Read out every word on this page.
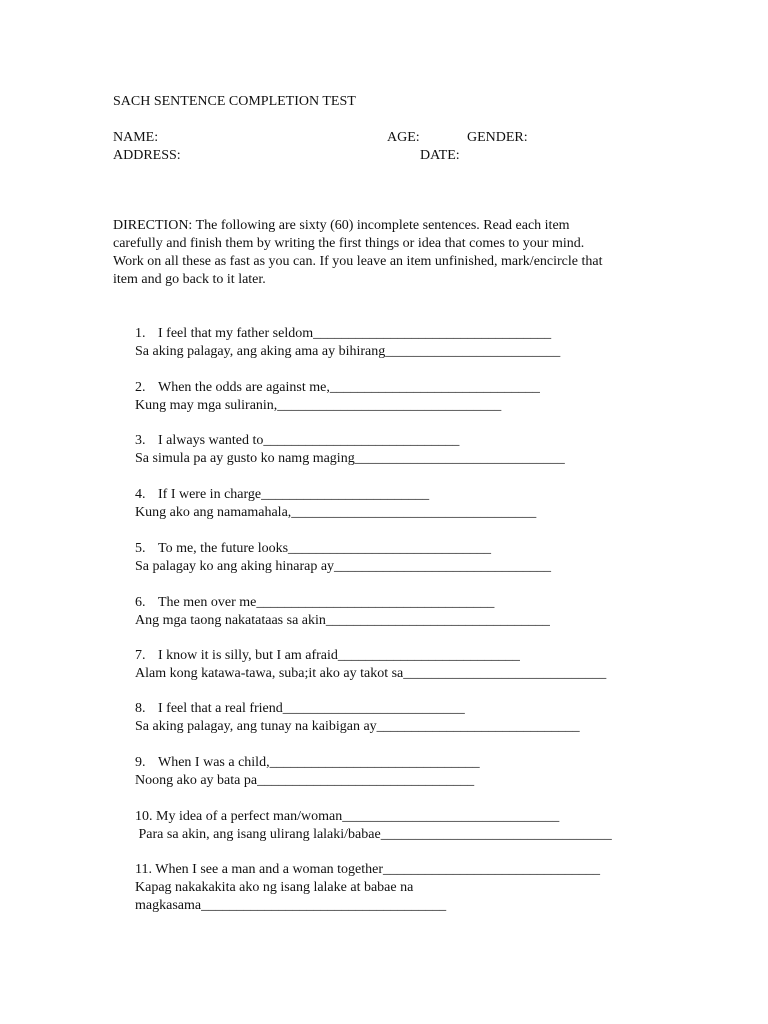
SACH SENTENCE COMPLETION TEST
NAME:	AGE:	GENDER:
ADDRESS:	DATE:
DIRECTION: The following are sixty (60) incomplete sentences. Read each item
carefully and finish them by writing the first things or idea that comes to your mind.
Work on all these as fast as you can. If you leave an item unfinished, mark/encircle that
item and go back to it later.
1. I feel that my father seldom__________________________________
Sa aking palagay, ang aking ama ay bihirang_________________________
2. When the odds are against me,______________________________
Kung may mga suliranin,________________________________
3. I always wanted to____________________________
Sa simula pa ay gusto ko namg maging______________________________
4. If I were in charge________________________
Kung ako ang namamahala,___________________________________
5. To me, the future looks_____________________________
Sa palagay ko ang aking hinarap ay_______________________________
6. The men over me__________________________________
Ang mga taong nakatataas sa akin________________________________
7. I know it is silly, but I am afraid__________________________
Alam kong katawa-tawa, suba;it ako ay takot sa_____________________________
8. I feel that a real friend__________________________
Sa aking palagay, ang tunay na kaibigan ay_____________________________
9. When I was a child,______________________________
Noong ako ay bata pa_______________________________
10. My idea of a perfect man/woman_______________________________
Para sa akin, ang isang ulirang lalaki/babae_________________________________
11. When I see a man and a woman together_______________________________
Kapag nakakakita ako ng isang lalake at babae na
magkasama___________________________________
